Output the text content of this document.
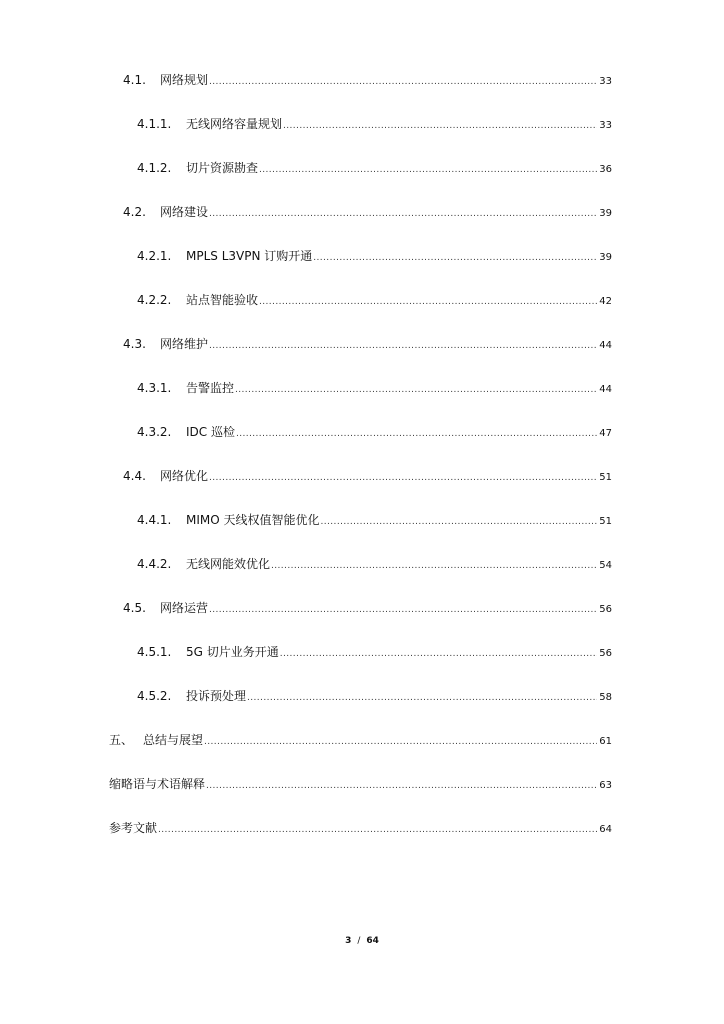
4.1.	网络规划 .....	33
4.1.1.	无线网络容量规划 .....	33
4.1.2.	切片资源勘查 .....	36
4.2.	网络建设 .....	39
4.2.1.	MPLS L3VPN 订购开通 .....	39
4.2.2.	站点智能验收 .....	42
4.3.	网络维护 .....	44
4.3.1.	告警监控 .....	44
4.3.2.	IDC 巡检 .....	47
4.4.	网络优化 .....	51
4.4.1.	MIMO 天线权值智能优化 .....	51
4.4.2.	无线网能效优化 .....	54
4.5.	网络运营 .....	56
4.5.1.	5G 切片业务开通 .....	56
4.5.2.	投诉预处理 .....	58
五、 总结与展望 .....	61
缩略语与术语解释 .....	63
参考文献 .....	64
3 / 64
